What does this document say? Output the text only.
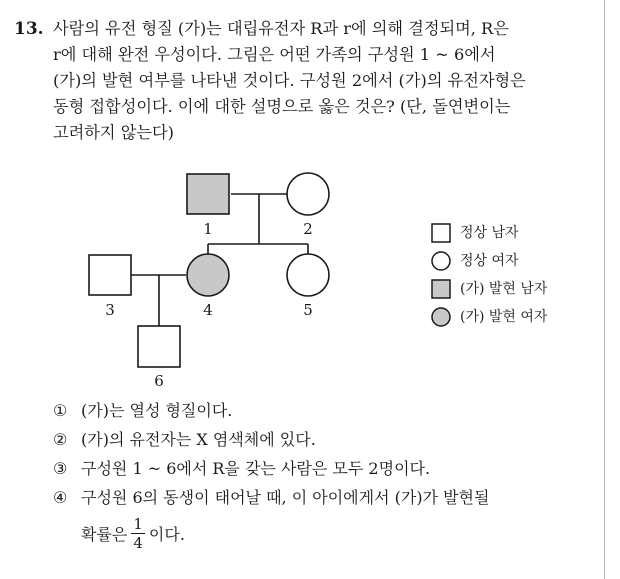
13. 사람의 유전 형질 (가)는 대립유전자 R과 r에 의해 결정되며, R은
r에 대해 완전 우성이다. 그림은 어떤 가족의 구성원 1 ~ 6에서
(가)의 발현 여부를 나타낸 것이다. 구성원 2에서 (가)의 유전자형은
동형 접합성이다. 이에 대한 설명으로 옳은 것은? (단, 돌연변이는
고려하지 않는다)

1	2
3	4	5
6
정상 남자
정상 여자
(가) 발현 남자
(가) 발현 여자
① (가)는 열성 형질이다.
② (가)의 유전자는 X 염색체에 있다.
③ 구성원 1 ~ 6에서 R을 갖는 사람은 모두 2명이다.
④ 구성원 6의 동생이 태어날 때, 이 아이에게서 (가)가 발현될
확률은 $\frac{1}{4}$ 이다.
